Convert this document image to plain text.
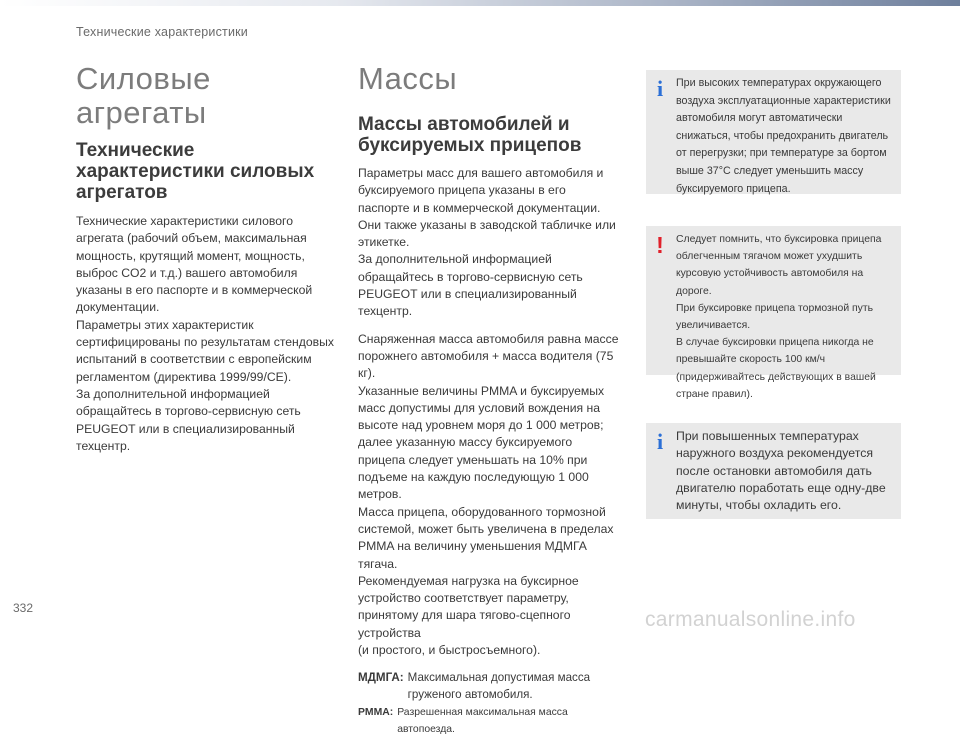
Технические характеристики
Силовые агрегаты
Технические характеристики силовых агрегатов

Технические характеристики силового агрегата (рабочий объем, максимальная мощность, крутящий момент, мощность, выброс CO2 и т.д.) вашего автомобиля указаны в его паспорте и в коммерческой документации.
Параметры этих характеристик сертифицированы по результатам стендовых испытаний в соответствии с европейским регламентом (директива 1999/99/CE).
За дополнительной информацией обращайтесь в торгово-сервисную сеть PEUGEOT или в специализированный техцентр.

Массы
Массы автомобилей и буксируемых прицепов

Параметры масс для вашего автомобиля и буксируемого прицепа указаны в его паспорте и в коммерческой документации.
Они также указаны в заводской табличке или этикетке.
За дополнительной информацией обращайтесь в торгово-сервисную сеть PEUGEOT или в специализированный техцентр.

Снаряженная масса автомобиля равна массе порожнего автомобиля + масса водителя (75 кг).
Указанные величины PMMA и буксируемых масс допустимы для условий вождения на высоте над уровнем моря до 1 000 метров; далее указанную массу буксируемого прицепа следует уменьшать на 10% при подъеме на каждую последующую 1 000 метров.
Масса прицепа, оборудованного тормозной системой, может быть увеличена в пределах PMMA на величину уменьшения МДМГА тягача.
Рекомендуемая нагрузка на буксирное устройство соответствует параметру, принятому для шара тягово-сцепного устройства
(и простого, и быстросъемного).

МДМГА: Максимальная допустимая масса груженого автомобиля.
PMMA: Разрешенная максимальная масса автопоезда.
i	При высоких температурах окружающего воздуха эксплуатационные характеристики автомобиля могут автоматически снижаться, чтобы предохранить двигатель от перегрузки; при температуре за бортом выше 37°C следует уменьшить массу буксируемого прицепа.

!	Следует помнить, что буксировка прицепа облегченным тягачом может ухудшить курсовую устойчивость автомобиля на дороге.
При буксировке прицепа тормозной путь увеличивается.
В случае буксировки прицепа никогда не превышайте скорость 100 км/ч (придерживайтесь действующих в вашей стране правил).

i	При повышенных температурах наружного воздуха рекомендуется после остановки автомобиля дать двигателю поработать еще одну-две минуты, чтобы охладить его.

332	carmanualsonline.info
